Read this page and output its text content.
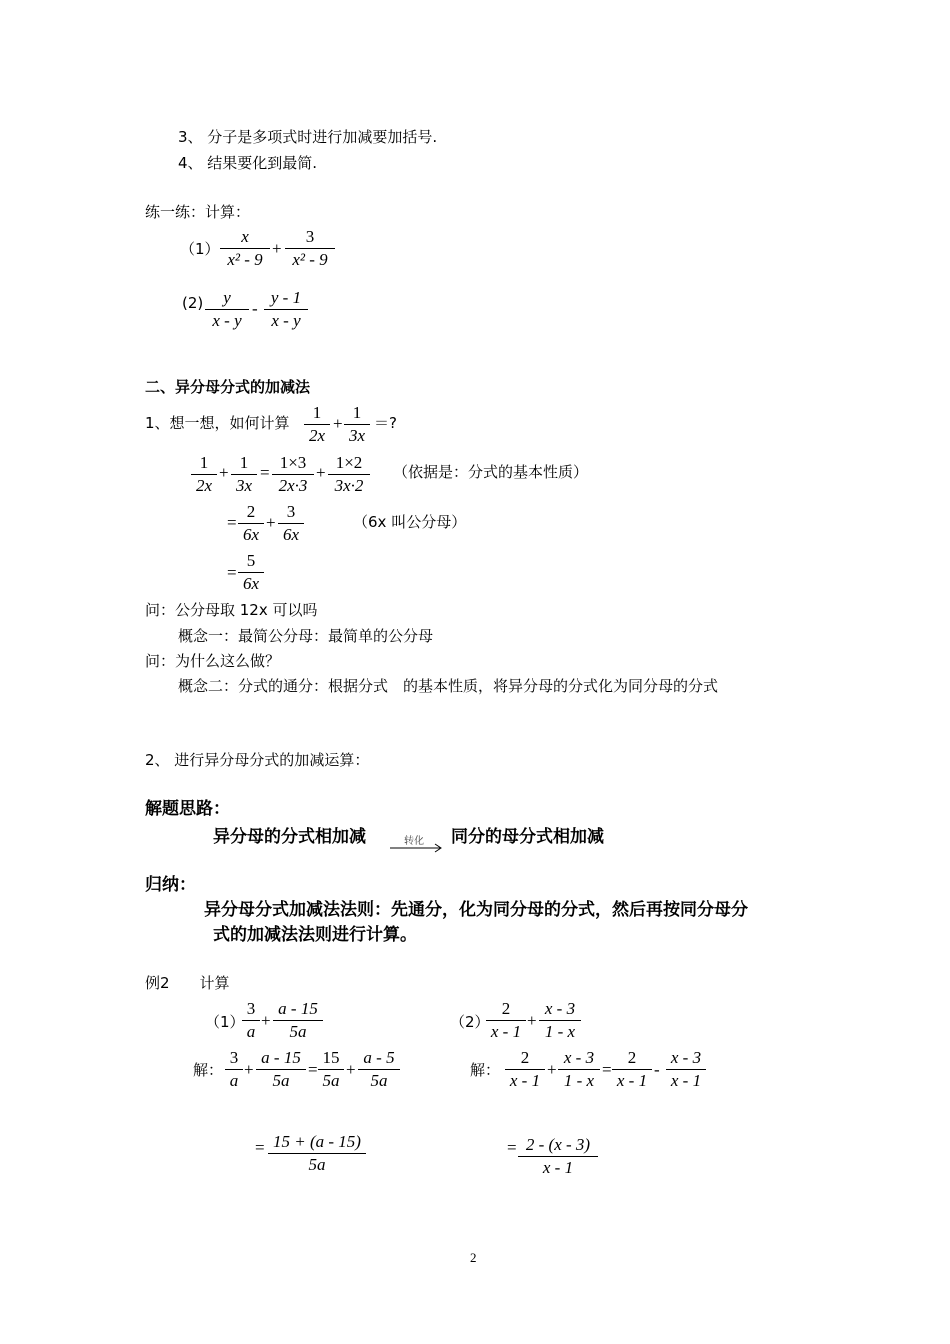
3、 分子是多项式时进行加减要加括号.
4、 结果要化到最简.
练一练：计算：
（1）
x
x² - 9
+
3
x² - 9
(2)	y
x - y
-
y - 1
x - y
二、异分母分式的加减法
1、想一想，如何计算
1
2x
+
1
3x
＝?
1
2x
+
1
3x
=
1×3
2x·3
+
1×2
3x·2
（依据是：分式的基本性质）
=
2
6x
+
3
6x
（6x 叫公分母）
=
5
6x
问：公分母取 12x 可以吗
概念一：最简公分母：最简单的公分母
问：为什么这么做？
概念二：分式的通分：根据分式　的基本性质，将异分母的分式化为同分母的分式
2、 进行异分母分式的加减运算：
解题思路：
异分母的分式相加减	转化 同分的母分式相加减
归纳：
异分母分式加减法法则：先通分，化为同分母的分式，然后再按同分母分
式的加减法法则进行计算。
例2　　计算
（1）
3
a
+
a - 15
5a
解：
3
a
+
a - 15
5a
=
15
5a
+
a - 5
5a
= 15 + (a - 15)
5a
（2）
2
x - 1
+
x - 3
1 - x
解：
2
x - 1
+
x - 3
1 - x
=
2
x - 1
-
x - 3
x - 1
= 2 - (x - 3)
x - 1
2
